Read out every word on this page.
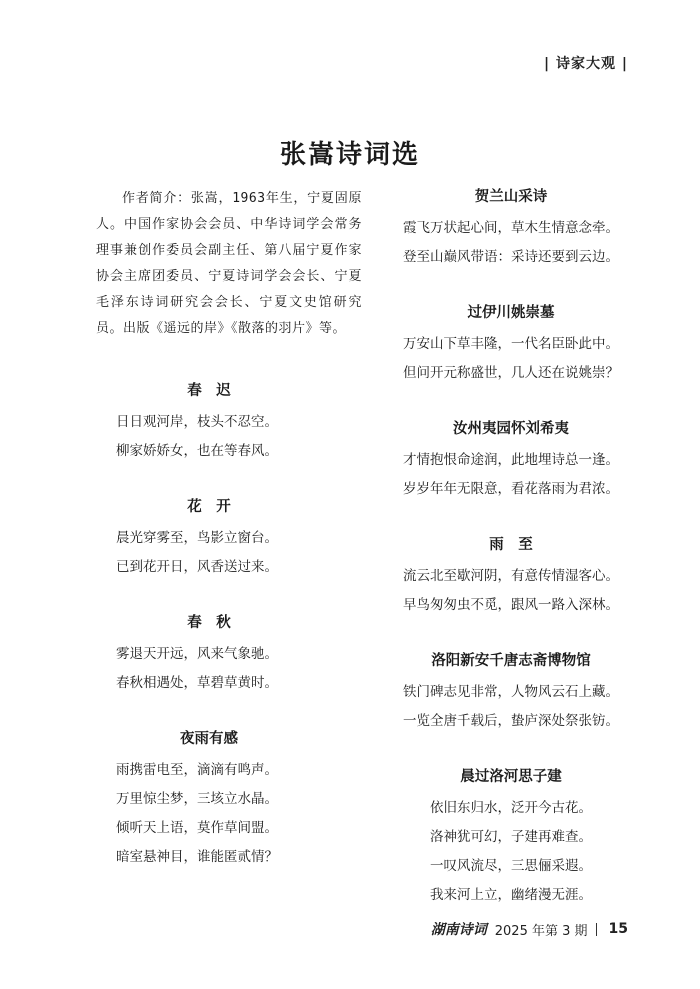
| 诗家大观 |
张嵩诗词选

作者简介：张嵩，1963年生，宁夏固原人。中国作家协会会员、中华诗词学会常务理事兼创作委员会副主任、第八届宁夏作家协会主席团委员、宁夏诗词学会会长、宁夏毛泽东诗词研究会会长、宁夏文史馆研究员。出版《遥远的岸》《散落的羽片》等。

春　迟

日日观河岸，枝头不忍空。

柳家娇娇女，也在等春风。

花　开

晨光穿雾至，鸟影立窗台。

已到花开日，风香送过来。

春　秋

雾退天开远，风来气象驰。

春秋相遇处，草碧草黄时。

夜雨有感

雨携雷电至，滴滴有鸣声。

万里惊尘梦，三垓立水晶。

倾听天上语，莫作草间盟。

暗室悬神目，谁能匿贰情？

贺兰山采诗

霞飞万状起心间，草木生情意念牵。

登至山巅风带语：采诗还要到云边。

过伊川姚崇墓

万安山下草丰隆，一代名臣卧此中。

但问开元称盛世，几人还在说姚崇？

汝州夷园怀刘希夷

才情抱恨命途润，此地埋诗总一逢。

岁岁年年无限意，看花落雨为君浓。

雨　至

流云北至歇河阴，有意传情湿客心。

早鸟匆匆虫不觅，跟风一路入深林。

洛阳新安千唐志斋博物馆

铁门碑志见非常，人物风云石上藏。

一览全唐千载后，蛰庐深处祭张钫。

晨过洛河思子建

依旧东归水，泛开今古花。

洛神犹可幻，子建再难查。

一叹风流尽，三思俪采遐。

我来河上立，幽绪漫无涯。

湖南诗词 2025 年第 3 期 15
